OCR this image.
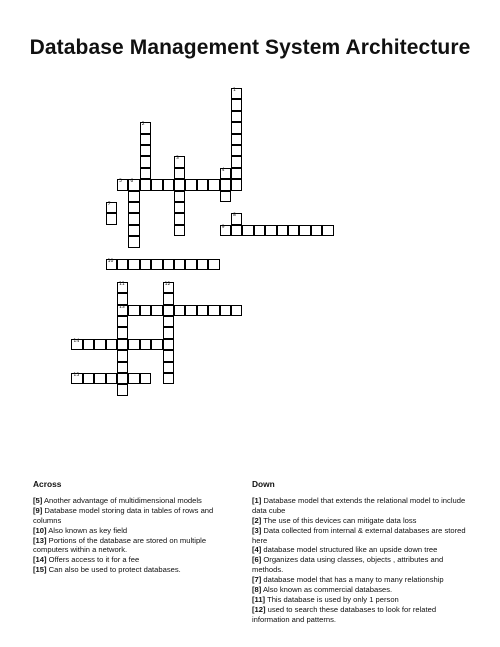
Database Management System Architecture
1
2
3
4
5 6
7
8
9
10
11
13
12
14
15
Across
[5] Another advantage of multidimensional models
[9] Database model storing data in tables of rows and columns
[10] Also known as key field
[13] Portions of the database are stored on multiple computers within a network.
[14] Offers access to it for a fee
[15] Can also be used to protect databases.
Down
[1] Database model that extends the relational model to include data cube
[2] The use of this devices can mitigate data loss
[3] Data collected from internal & external databases are stored here
[4] database model structured like an upside down tree
[6] Organizes data using classes, objects , attributes and methods.
[7] database model that has a many to many relationship
[8] Also known as commercial databases.
[11] This database is used by only 1 person
[12] used to search these databases to look for related information and patterns.
